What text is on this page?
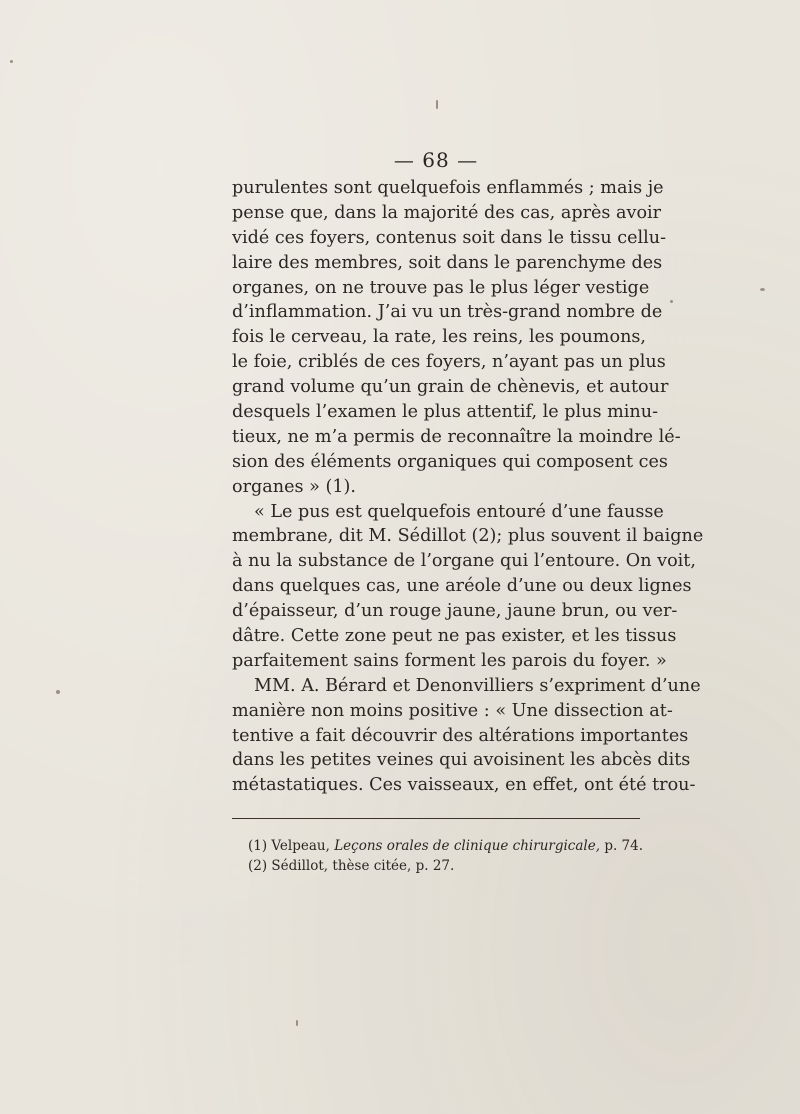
— 68 —
purulentes sont quelquefois enflammés ; mais je
pense que, dans la majorité des cas, après avoir
vidé ces foyers, contenus soit dans le tissu cellu-
laire des membres, soit dans le parenchyme des
organes, on ne trouve pas le plus léger vestige
d’inflammation. J’ai vu un très-grand nombre de
fois le cerveau, la rate, les reins, les poumons,
le foie, criblés de ces foyers, n’ayant pas un plus
grand volume qu’un grain de chènevis, et autour
desquels l’examen le plus attentif, le plus minu-
tieux, ne m’a permis de reconnaître la moindre lé-
sion des éléments organiques qui composent ces
organes » (1).
« Le pus est quelquefois entouré d’une fausse
membrane, dit M. Sédillot (2); plus souvent il baigne
à nu la substance de l’organe qui l’entoure. On voit,
dans quelques cas, une aréole d’une ou deux lignes
d’épaisseur, d’un rouge jaune, jaune brun, ou ver-
dâtre. Cette zone peut ne pas exister, et les tissus
parfaitement sains forment les parois du foyer. »
MM. A. Bérard et Denonvilliers s’expriment d’une
manière non moins positive : « Une dissection at-
tentive a fait découvrir des altérations importantes
dans les petites veines qui avoisinent les abcès dits
métastatiques. Ces vaisseaux, en effet, ont été trou-
(1) Velpeau, Leçons orales de clinique chirurgicale, p. 74.
(2) Sédillot, thèse citée, p. 27.
